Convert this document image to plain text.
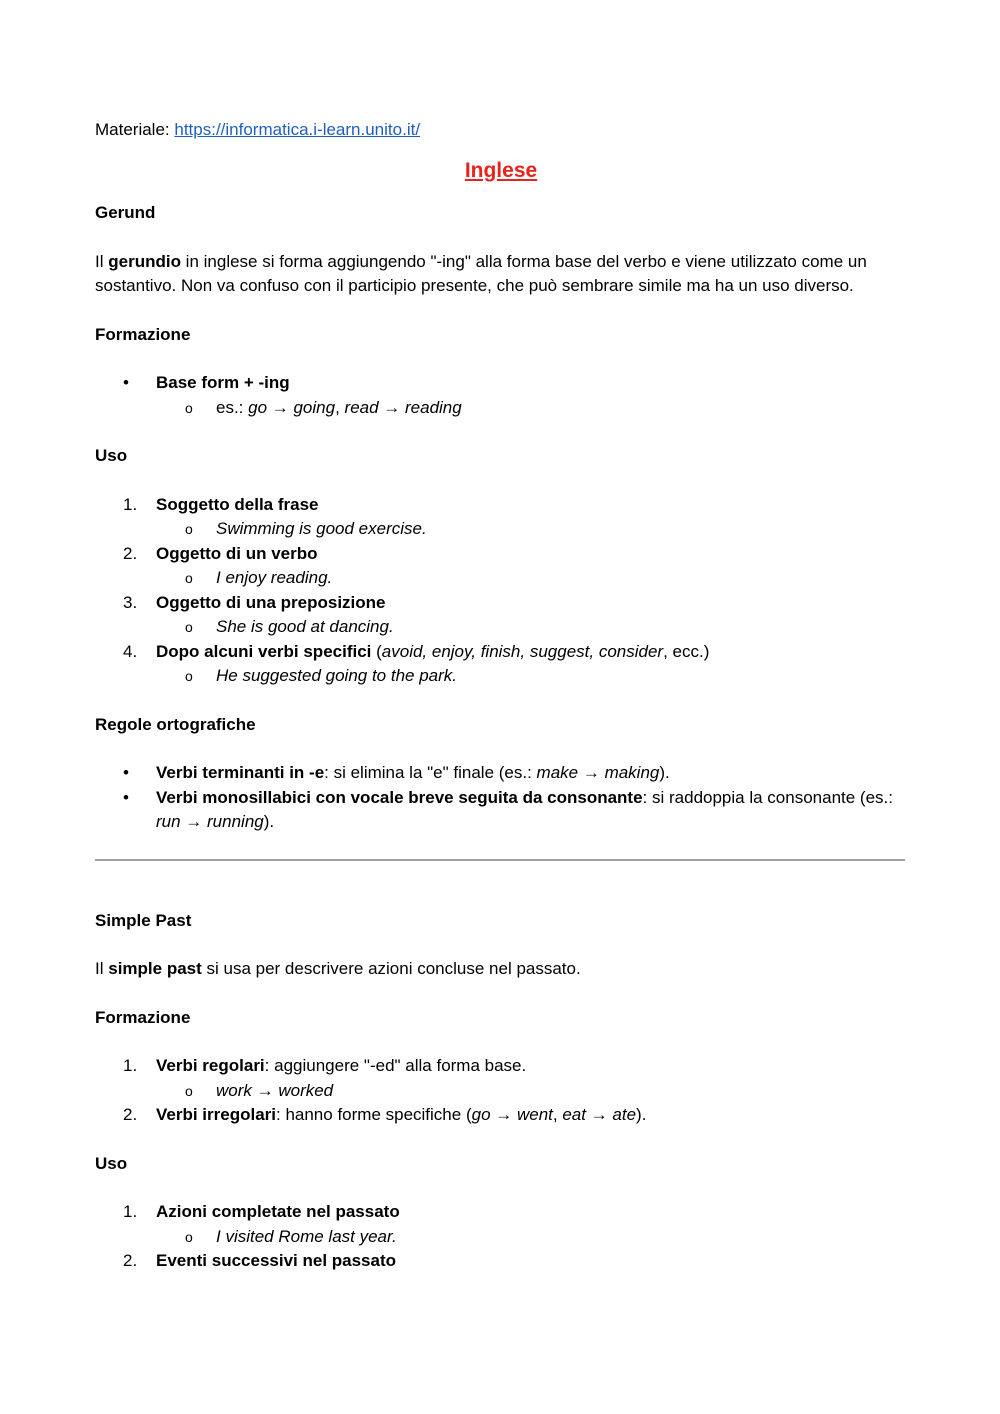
Materiale: https://informatica.i-learn.unito.it/

Inglese

Gerund

Il gerundio in inglese si forma aggiungendo "-ing" alla forma base del verbo e viene utilizzato come un sostantivo. Non va confuso con il participio presente, che può sembrare simile ma ha un uso diverso.

Formazione

•	Base form + -ing
o es.: go → going, read → reading

Uso

1.	Soggetto della frase
o Swimming is good exercise.
2.	Oggetto di un verbo
o I enjoy reading.
3.	Oggetto di una preposizione
o She is good at dancing.
4.	Dopo alcuni verbi specifici (avoid, enjoy, finish, suggest, consider, ecc.)
o He suggested going to the park.

Regole ortografiche

•	Verbi terminanti in -e: si elimina la "e" finale (es.: make → making).
•	Verbi monosillabici con vocale breve seguita da consonante: si raddoppia la consonante (es.: run → running).

Simple Past

Il simple past si usa per descrivere azioni concluse nel passato.

Formazione

1.	Verbi regolari: aggiungere "-ed" alla forma base.
o work → worked
2.	Verbi irregolari: hanno forme specifiche (go → went, eat → ate).

Uso

1.	Azioni completate nel passato
o I visited Rome last year.
2.	Eventi successivi nel passato
